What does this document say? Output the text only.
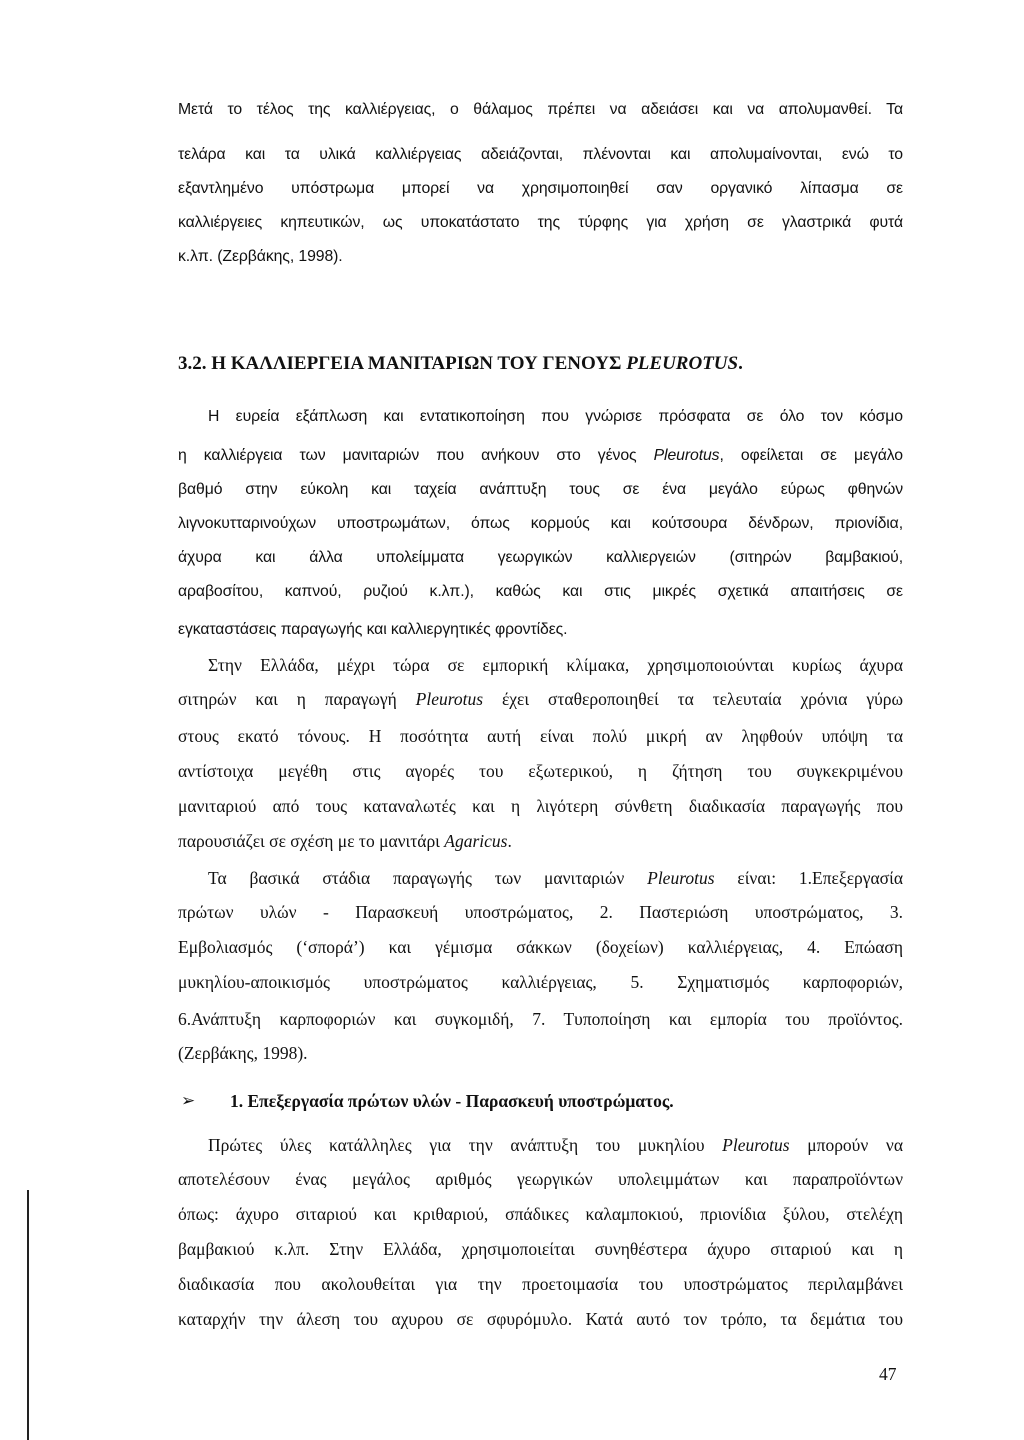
Μετά το τέλος της καλλιέργειας, ο θάλαμος πρέπει να αδειάσει και να απολυμανθεί. Τα
τελάρα και τα υλικά καλλιέργειας αδειάζονται, πλένονται και απολυμαίνονται, ενώ το
εξαντλημένο υπόστρωμα μπορεί να χρησιμοποιηθεί σαν οργανικό λίπασμα σε
καλλιέργειες κηπευτικών, ως υποκατάστατο της τύρφης για χρήση σε γλαστρικά φυτά
κ.λπ. (Ζερβάκης, 1998).
3.2. Η ΚΑΛΛΙΕΡΓΕΙΑ ΜΑΝΙΤΑΡΙΩΝ ΤΟΥ ΓΕΝΟΥΣ PLEUROTUS.
Η ευρεία εξάπλωση και εντατικοποίηση που γνώρισε πρόσφατα σε όλο τον κόσμο
η καλλιέργεια των μανιταριών που ανήκουν στο γένος Pleurotus, οφείλεται σε μεγάλο
βαθμό στην εύκολη και ταχεία ανάπτυξη τους σε ένα μεγάλο εύρως φθηνών
λιγνοκυτταρινούχων υποστρωμάτων, όπως κορμούς και κούτσουρα δένδρων, πριονίδια,
άχυρα και άλλα υπολείμματα γεωργικών καλλιεργειών (σιτηρών βαμβακιού,
αραβοσίτου, καπνού, ρυζιού κ.λπ.), καθώς και στις μικρές σχετικά απαιτήσεις σε
εγκαταστάσεις παραγωγής και καλλιεργητικές φροντίδες.
Στην Ελλάδα, μέχρι τώρα σε εμπορική κλίμακα, χρησιμοποιούνται κυρίως άχυρα
σιτηρών και η παραγωγή Pleurotus έχει σταθεροποιηθεί τα τελευταία χρόνια γύρω
στους εκατό τόνους. Η ποσότητα αυτή είναι πολύ μικρή αν ληφθούν υπόψη τα
αντίστοιχα μεγέθη στις αγορές του εξωτερικού, η ζήτηση του συγκεκριμένου
μανιταριού από τους καταναλωτές και η λιγότερη σύνθετη διαδικασία παραγωγής που
παρουσιάζει σε σχέση με το μανιτάρι Agaricus.
Τα βασικά στάδια παραγωγής των μανιταριών Pleurotus είναι: 1.Επεξεργασία
πρώτων υλών - Παρασκευή υποστρώματος, 2. Παστεριώση υποστρώματος, 3.
Εμβολιασμός (‘σπορά’) και γέμισμα σάκκων (δοχείων) καλλιέργειας, 4. Επώαση
μυκηλίου-αποικισμός υποστρώματος καλλιέργειας, 5. Σχηματισμός καρποφοριών,
6.Ανάπτυξη καρποφοριών και συγκομιδή, 7. Τυποποίηση και εμπορία του προϊόντος.
(Ζερβάκης, 1998).
➢ 1. Επεξεργασία πρώτων υλών - Παρασκευή υποστρώματος.
Πρώτες ύλες κατάλληλες για την ανάπτυξη του μυκηλίου Pleurotus μπορούν να
αποτελέσουν ένας μεγάλος αριθμός γεωργικών υπολειμμάτων και παραπροϊόντων
όπως: άχυρο σιταριού και κριθαριού, σπάδικες καλαμποκιού, πριονίδια ξύλου, στελέχη
βαμβακιού κ.λπ. Στην Ελλάδα, χρησιμοποιείται συνηθέστερα άχυρο σιταριού και η
διαδικασία που ακολουθείται για την προετοιμασία του υποστρώματος περιλαμβάνει
καταρχήν την άλεση του αχυρου σε σφυρόμυλο. Κατά αυτό τον τρόπο, τα δεμάτια του
47
